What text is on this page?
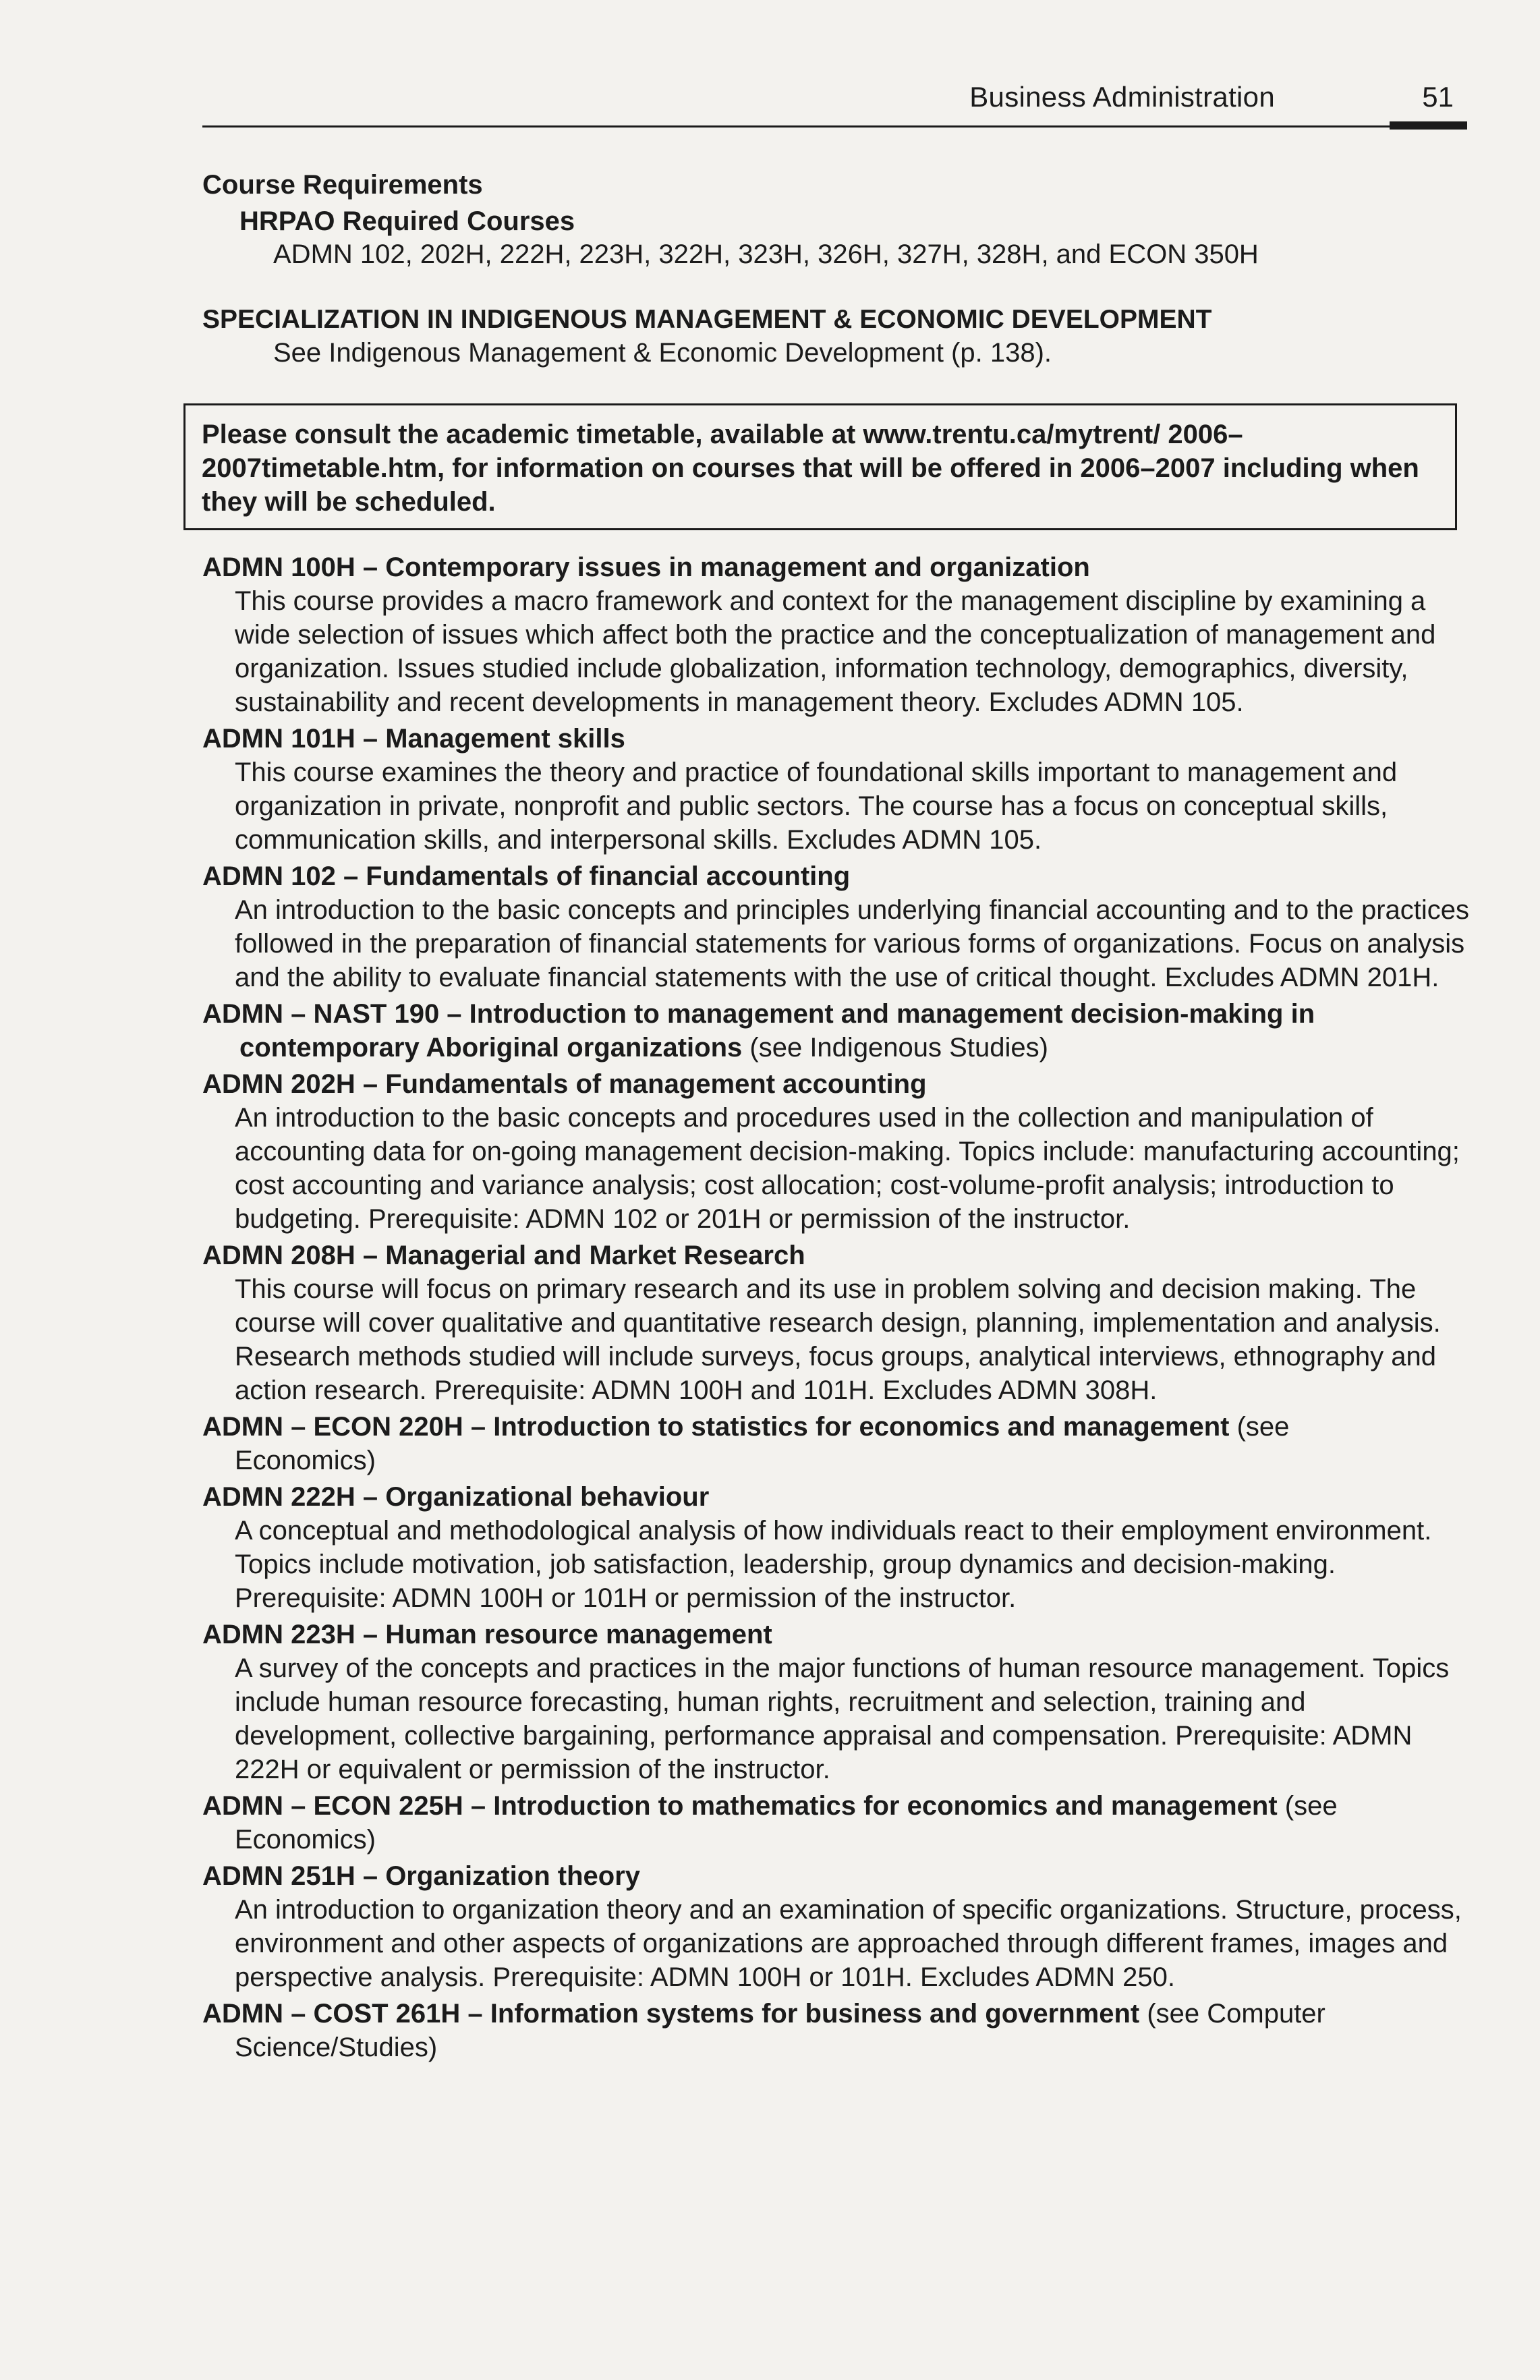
Business Administration	51
Course Requirements
HRPAO Required Courses
ADMN 102, 202H, 222H, 223H, 322H, 323H, 326H, 327H, 328H, and ECON 350H
SPECIALIZATION IN INDIGENOUS MANAGEMENT & ECONOMIC DEVELOPMENT
See Indigenous Management & Economic Development (p. 138).
Please consult the academic timetable, available at www.trentu.ca/mytrent/ 2006–2007timetable.htm, for information on courses that will be offered in 2006–2007 including when they will be scheduled.
ADMN 100H – Contemporary issues in management and organization
This course provides a macro framework and context for the management discipline by examining a wide selection of issues which affect both the practice and the conceptualization of management and organization. Issues studied include globalization, information technology, demographics, diversity, sustainability and recent developments in management theory. Excludes ADMN 105.
ADMN 101H – Management skills
This course examines the theory and practice of foundational skills important to management and organization in private, nonprofit and public sectors. The course has a focus on conceptual skills, communication skills, and interpersonal skills. Excludes ADMN 105.
ADMN 102 – Fundamentals of financial accounting
An introduction to the basic concepts and principles underlying financial accounting and to the practices followed in the preparation of financial statements for various forms of organizations. Focus on analysis and the ability to evaluate financial statements with the use of critical thought. Excludes ADMN 201H.
ADMN – NAST 190 – Introduction to management and management decision-making in
contemporary Aboriginal organizations (see Indigenous Studies)
ADMN 202H – Fundamentals of management accounting
An introduction to the basic concepts and procedures used in the collection and manipulation of accounting data for on-going management decision-making. Topics include: manufacturing accounting; cost accounting and variance analysis; cost allocation; cost-volume-profit analysis; introduction to budgeting. Prerequisite: ADMN 102 or 201H or permission of the instructor.
ADMN 208H – Managerial and Market Research
This course will focus on primary research and its use in problem solving and decision making. The course will cover qualitative and quantitative research design, planning, implementation and analysis. Research methods studied will include surveys, focus groups, analytical interviews, ethnography and action research. Prerequisite: ADMN 100H and 101H. Excludes ADMN 308H.
ADMN – ECON 220H – Introduction to statistics for economics and management (see
Economics)
ADMN 222H – Organizational behaviour
A conceptual and methodological analysis of how individuals react to their employment environment. Topics include motivation, job satisfaction, leadership, group dynamics and decision-making. Prerequisite: ADMN 100H or 101H or permission of the instructor.
ADMN 223H – Human resource management
A survey of the concepts and practices in the major functions of human resource management. Topics include human resource forecasting, human rights, recruitment and selection, training and development, collective bargaining, performance appraisal and compensation. Prerequisite: ADMN 222H or equivalent or permission of the instructor.
ADMN – ECON 225H – Introduction to mathematics for economics and management (see
Economics)
ADMN 251H – Organization theory
An introduction to organization theory and an examination of specific organizations. Structure, process, environment and other aspects of organizations are approached through different frames, images and perspective analysis. Prerequisite: ADMN 100H or 101H. Excludes ADMN 250.
ADMN – COST 261H – Information systems for business and government (see Computer
Science/Studies)
